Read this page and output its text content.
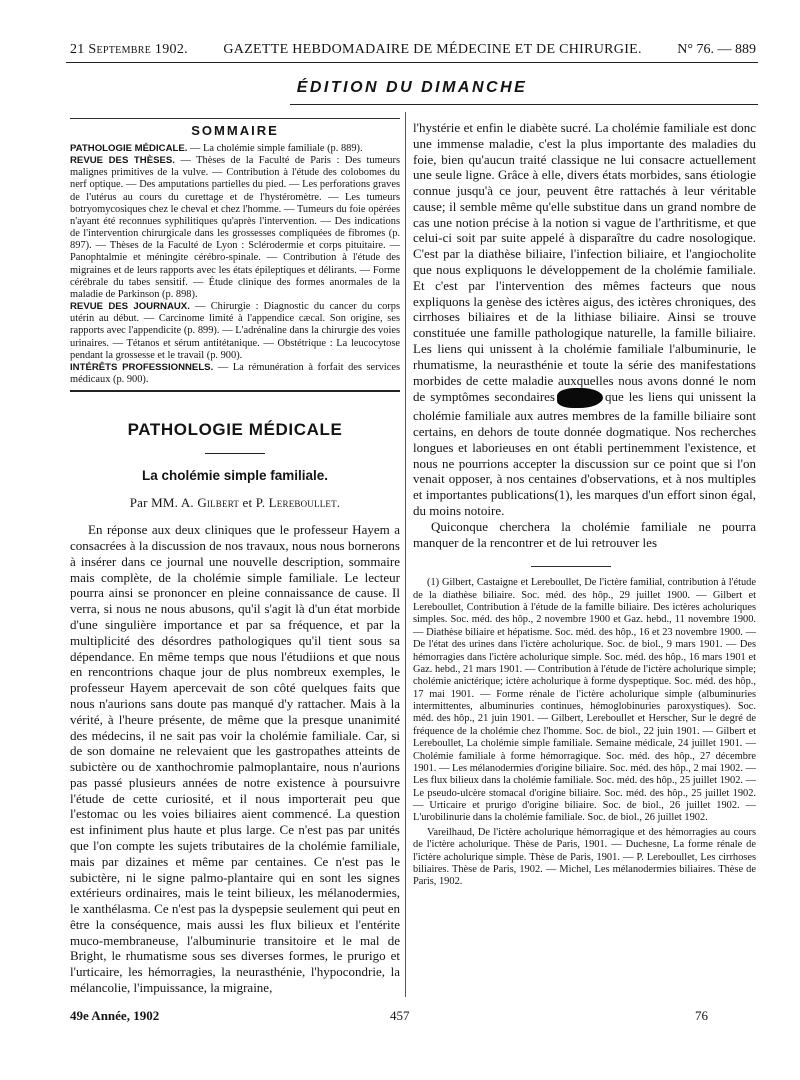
21 Septembre 1902.	GAZETTE HEBDOMADAIRE DE MÉDECINE ET DE CHIRURGIE.	N° 76. — 889
ÉDITION DU DIMANCHE
SOMMAIRE

PATHOLOGIE MÉDICALE. — La cholémie simple familiale (p. 889).

REVUE DES THÈSES. — Thèses de la Faculté de Paris : Des tumeurs malignes primitives de la vulve. — Contribution à l'étude des colobomes du nerf optique. — Des amputations partielles du pied. — Les perforations graves de l'utérus au cours du curettage et de l'hystéromètre. — Les tumeurs botryomycosiques chez le cheval et chez l'homme. — Tumeurs du foie opérées n'ayant été reconnues syphilitiques qu'après l'intervention. — Des indications de l'intervention chirurgicale dans les grossesses compliquées de fibromes (p. 897). — Thèses de la Faculté de Lyon : Sclérodermie et corps pituitaire. — Panophtalmie et méningite cérébro-spinale. — Contribution à l'étude des migraines et de leurs rapports avec les états épileptiques et délirants. — Forme cérébrale du tabes sensitif. — Étude clinique des formes anormales de la maladie de Parkinson (p. 898).

REVUE DES JOURNAUX. — Chirurgie : Diagnostic du cancer du corps utérin au début. — Carcinome limité à l'appendice cæcal. Son origine, ses rapports avec l'appendicite (p. 899). — L'adrénaline dans la chirurgie des voies urinaires. — Tétanos et sérum antitétanique. — Obstétrique : La leucocytose pendant la grossesse et le travail (p. 900).

INTÉRÊTS PROFESSIONNELS. — La rémunération à forfait des services médicaux (p. 900).

PATHOLOGIE MÉDICALE
La cholémie simple familiale.
Par MM. A. Gilbert et P. Lereboullet.

En réponse aux deux cliniques que le professeur Hayem a consacrées à la discussion de nos travaux, nous nous bornerons à insérer dans ce journal une nouvelle description, sommaire mais complète, de la cholémie simple familiale. Le lecteur pourra ainsi se prononcer en pleine connaissance de cause. Il verra, si nous ne nous abusons, qu'il s'agit là d'un état morbide d'une singulière importance et par sa fréquence, et par la multiplicité des désordres pathologiques qu'il tient sous sa dépendance. En même temps que nous l'étudiions et que nous en rencontrions chaque jour de plus nombreux exemples, le professeur Hayem apercevait de son côté quelques faits que nous n'aurions sans doute pas manqué d'y rattacher. Mais à la vérité, à l'heure présente, de même que la presque unanimité des médecins, il ne sait pas voir la cholémie familiale. Car, si de son domaine ne relevaient que les gastropathes atteints de subictère ou de xanthochromie palmoplantaire, nous n'aurions pas passé plusieurs années de notre existence à poursuivre l'étude de cette curiosité, et il nous importerait peu que l'estomac ou les voies biliaires aient commencé. La question est infiniment plus haute et plus large. Ce n'est pas par unités que l'on compte les sujets tributaires de la cholémie familiale, mais par dizaines et même par centaines. Ce n'est pas le subictère, ni le signe palmo-plantaire qui en sont les signes extérieurs ordinaires, mais le teint bilieux, les mélanodermies, le xanthélasma. Ce n'est pas la dyspepsie seulement qui peut en être la conséquence, mais aussi les flux bilieux et l'entérite muco-membraneuse, l'albuminurie transitoire et le mal de Bright, le rhumatisme sous ses diverses formes, le prurigo et l'urticaire, les hémorragies, la neurasthénie, l'hypocondrie, la mélancolie, l'impuissance, la migraine,

l'hystérie et enfin le diabète sucré. La cholémie familiale est donc une immense maladie, c'est la plus importante des maladies du foie, bien qu'aucun traité classique ne lui consacre actuellement une seule ligne. Grâce à elle, divers états morbides, sans étiologie connue jusqu'à ce jour, peuvent être rattachés à leur véritable cause; il semble même qu'elle substitue dans un grand nombre de cas une notion précise à la notion si vague de l'arthritisme, et que celui-ci soit par suite appelé à disparaître du cadre nosologique. C'est par la diathèse biliaire, l'infection biliaire, et l'angiocholite que nous expliquons le développement de la cholémie familiale. Et c'est par l'intervention des mêmes facteurs que nous expliquons la genèse des ictères aigus, des ictères chroniques, des cirrhoses biliaires et de la lithiase biliaire. Ainsi se trouve constituée une famille pathologique naturelle, la famille biliaire. Les liens qui unissent à la cholémie familiale l'albuminurie, le rhumatisme, la neurasthénie et toute la série des manifestations morbides de cette maladie auxquelles nous avons donné le nom de symptômes secondaires	que les liens qui unissent la cholémie familiale aux autres membres de la famille biliaire sont certains, en dehors de toute donnée dogmatique. Nos recherches longues et laborieuses en ont établi pertinemment l'existence, et nous ne pourrions accepter la discussion sur ce point que si l'on venait opposer, à nos centaines d'observations, et à nos multiples et importantes publications(1), les marques d'un effort sinon égal, du moins notoire.

Quiconque cherchera la cholémie familiale ne pourra manquer de la rencontrer et de lui retrouver les

(1) Gilbert, Castaigne et Lereboullet, De l'ictère familial, contribution à l'étude de la diathèse biliaire. Soc. méd. des hôp., 29 juillet 1900. — Gilbert et Lereboullet, Contribution à l'étude de la famille biliaire. Des ictères acholuriques simples. Soc. méd. des hôp., 2 novembre 1900 et Gaz. hebd., 11 novembre 1900. — Diathèse biliaire et hépatisme. Soc. méd. des hôp., 16 et 23 novembre 1900. — De l'état des urines dans l'ictère acholurique. Soc. de biol., 9 mars 1901. — Des hémorragies dans l'ictère acholurique simple. Soc. méd. des hôp., 16 mars 1901 et Gaz. hebd., 21 mars 1901. — Contribution à l'étude de l'ictère acholurique simple; cholémie anictérique; ictère acholurique à forme dyspeptique. Soc. méd. des hôp., 17 mai 1901. — Forme rénale de l'ictère acholurique simple (albuminuries intermittentes, albuminuries continues, hémoglobinuries paroxystiques). Soc. méd. des hôp., 21 juin 1901. — Gilbert, Lereboullet et Herscher, Sur le degré de fréquence de la cholémie chez l'homme. Soc. de biol., 22 juin 1901. — Gilbert et Lereboullet, La cholémie simple familiale. Semaine médicale, 24 juillet 1901. — Cholémie familiale à forme hémorragique. Soc. méd. des hôp., 27 décembre 1901. — Les mélanodermies d'origine biliaire. Soc. méd. des hôp., 2 mai 1902. — Les flux bilieux dans la cholémie familiale. Soc. méd. des hôp., 25 juillet 1902. — Le pseudo-ulcère stomacal d'origine biliaire. Soc. méd. des hôp., 25 juillet 1902. — Urticaire et prurigo d'origine biliaire. Soc. de biol., 26 juillet 1902. — L'urobilinurie dans la cholémie familiale. Soc. de biol., 26 juillet 1902.

Vareilhaud, De l'ictère acholurique hémorragique et des hémorragies au cours de l'ictère acholurique. Thèse de Paris, 1901. — Duchesne, La forme rénale de l'ictère acholurique simple. Thèse de Paris, 1901. — P. Lereboullet, Les cirrhoses biliaires. Thèse de Paris, 1902. — Michel, Les mélanodermies biliaires. Thèse de Paris, 1902.

49e Année, 1902	457	76
